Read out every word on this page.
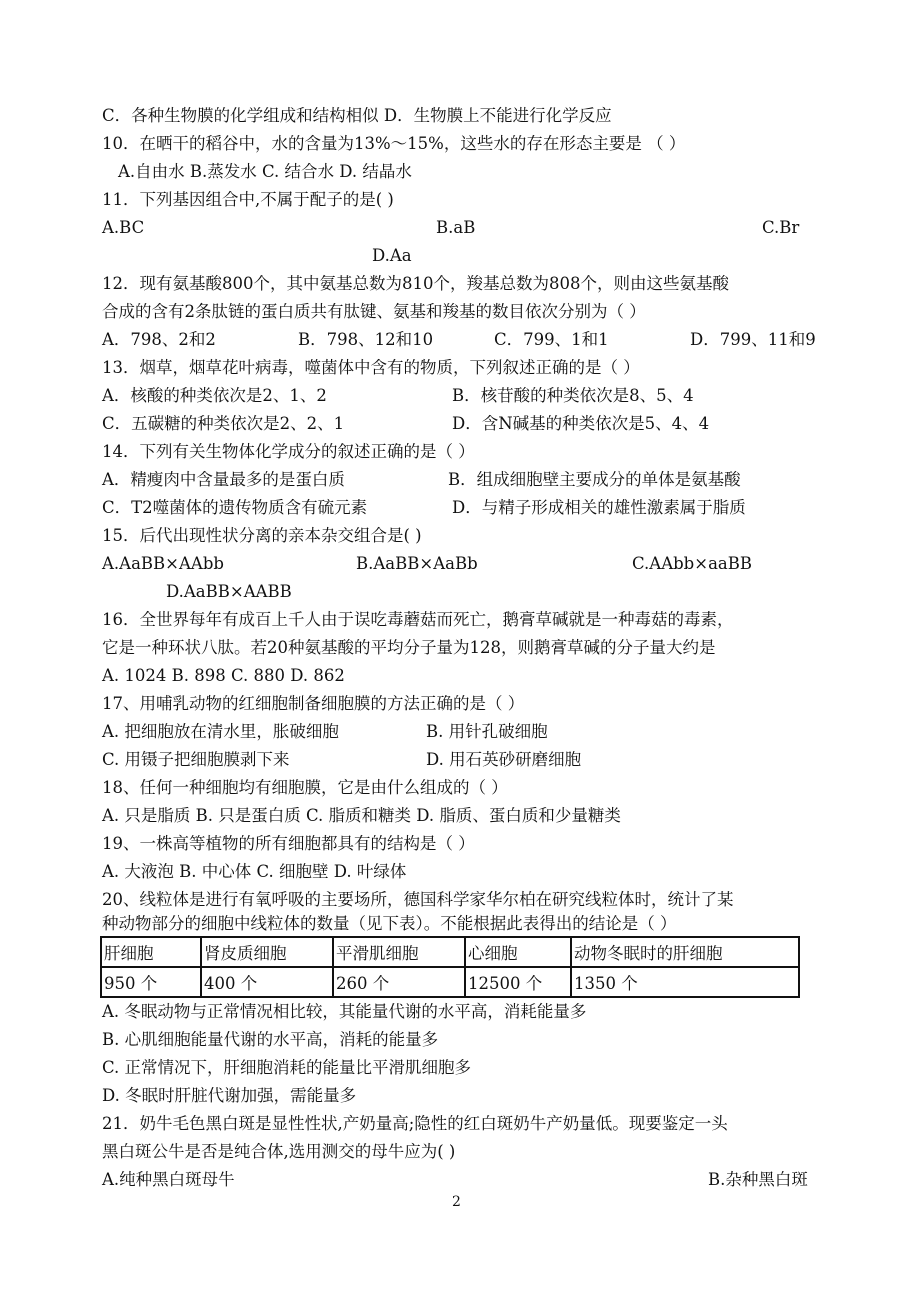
C．各种生物膜的化学组成和结构相似 D．生物膜上不能进行化学反应
10．在晒干的稻谷中，水的含量为13%～15%，这些水的存在形态主要是 （ ）
A.自由水 B.蒸发水 C. 结合水 D. 结晶水
11．下列基因组合中,不属于配子的是( )
A.BC	B.aB	C.Br
D.Aa
12．现有氨基酸800个，其中氨基总数为810个，羧基总数为808个，则由这些氨基酸
合成的含有2条肽链的蛋白质共有肽键、氨基和羧基的数目依次分别为（ ）
A．798、2和2	B．798、12和10	C．799、1和1	D．799、11和9
13．烟草，烟草花叶病毒，噬菌体中含有的物质，下列叙述正确的是（ ）
A．核酸的种类依次是2、1、2	B．核苷酸的种类依次是8、5、4
C．五碳糖的种类依次是2、2、1	D．含N碱基的种类依次是5、4、4
14．下列有关生物体化学成分的叙述正确的是（ ）
A．精瘦肉中含量最多的是蛋白质	B．组成细胞壁主要成分的单体是氨基酸
C．T2噬菌体的遗传物质含有硫元素	D．与精子形成相关的雄性激素属于脂质
15．后代出现性状分离的亲本杂交组合是( )
A.AaBB×AAbb	B.AaBB×AaBb	C.AAbb×aaBB
D.AaBB×AABB
16．全世界每年有成百上千人由于误吃毒蘑菇而死亡，鹅膏草碱就是一种毒菇的毒素，
它是一种环状八肽。若20种氨基酸的平均分子量为128，则鹅膏草碱的分子量大约是
A. 1024 B. 898 C. 880 D. 862
17、用哺乳动物的红细胞制备细胞膜的方法正确的是（ ）
A. 把细胞放在清水里，胀破细胞	B. 用针孔破细胞
C. 用镊子把细胞膜剥下来	D. 用石英砂研磨细胞
18、任何一种细胞均有细胞膜，它是由什么组成的（ ）
A. 只是脂质 B. 只是蛋白质 C. 脂质和糖类 D. 脂质、蛋白质和少量糖类
19、一株高等植物的所有细胞都具有的结构是（ ）
A. 大液泡 B. 中心体 C. 细胞壁 D. 叶绿体
20、线粒体是进行有氧呼吸的主要场所，德国科学家华尔柏在研究线粒体时，统计了某
种动物部分的细胞中线粒体的数量（见下表）。不能根据此表得出的结论是（ ）
肝细胞	肾皮质细胞	平滑肌细胞	心细胞	动物冬眠时的肝细胞
950 个	400 个	260 个	12500 个	1350 个
A. 冬眠动物与正常情况相比较，其能量代谢的水平高，消耗能量多
B. 心肌细胞能量代谢的水平高，消耗的能量多
C. 正常情况下，肝细胞消耗的能量比平滑肌细胞多
D. 冬眠时肝脏代谢加强，需能量多
21．奶牛毛色黑白斑是显性性状,产奶量高;隐性的红白斑奶牛产奶量低。现要鉴定一头
黑白斑公牛是否是纯合体,选用测交的母牛应为( )
A.纯种黑白斑母牛	B.杂种黑白斑
2
